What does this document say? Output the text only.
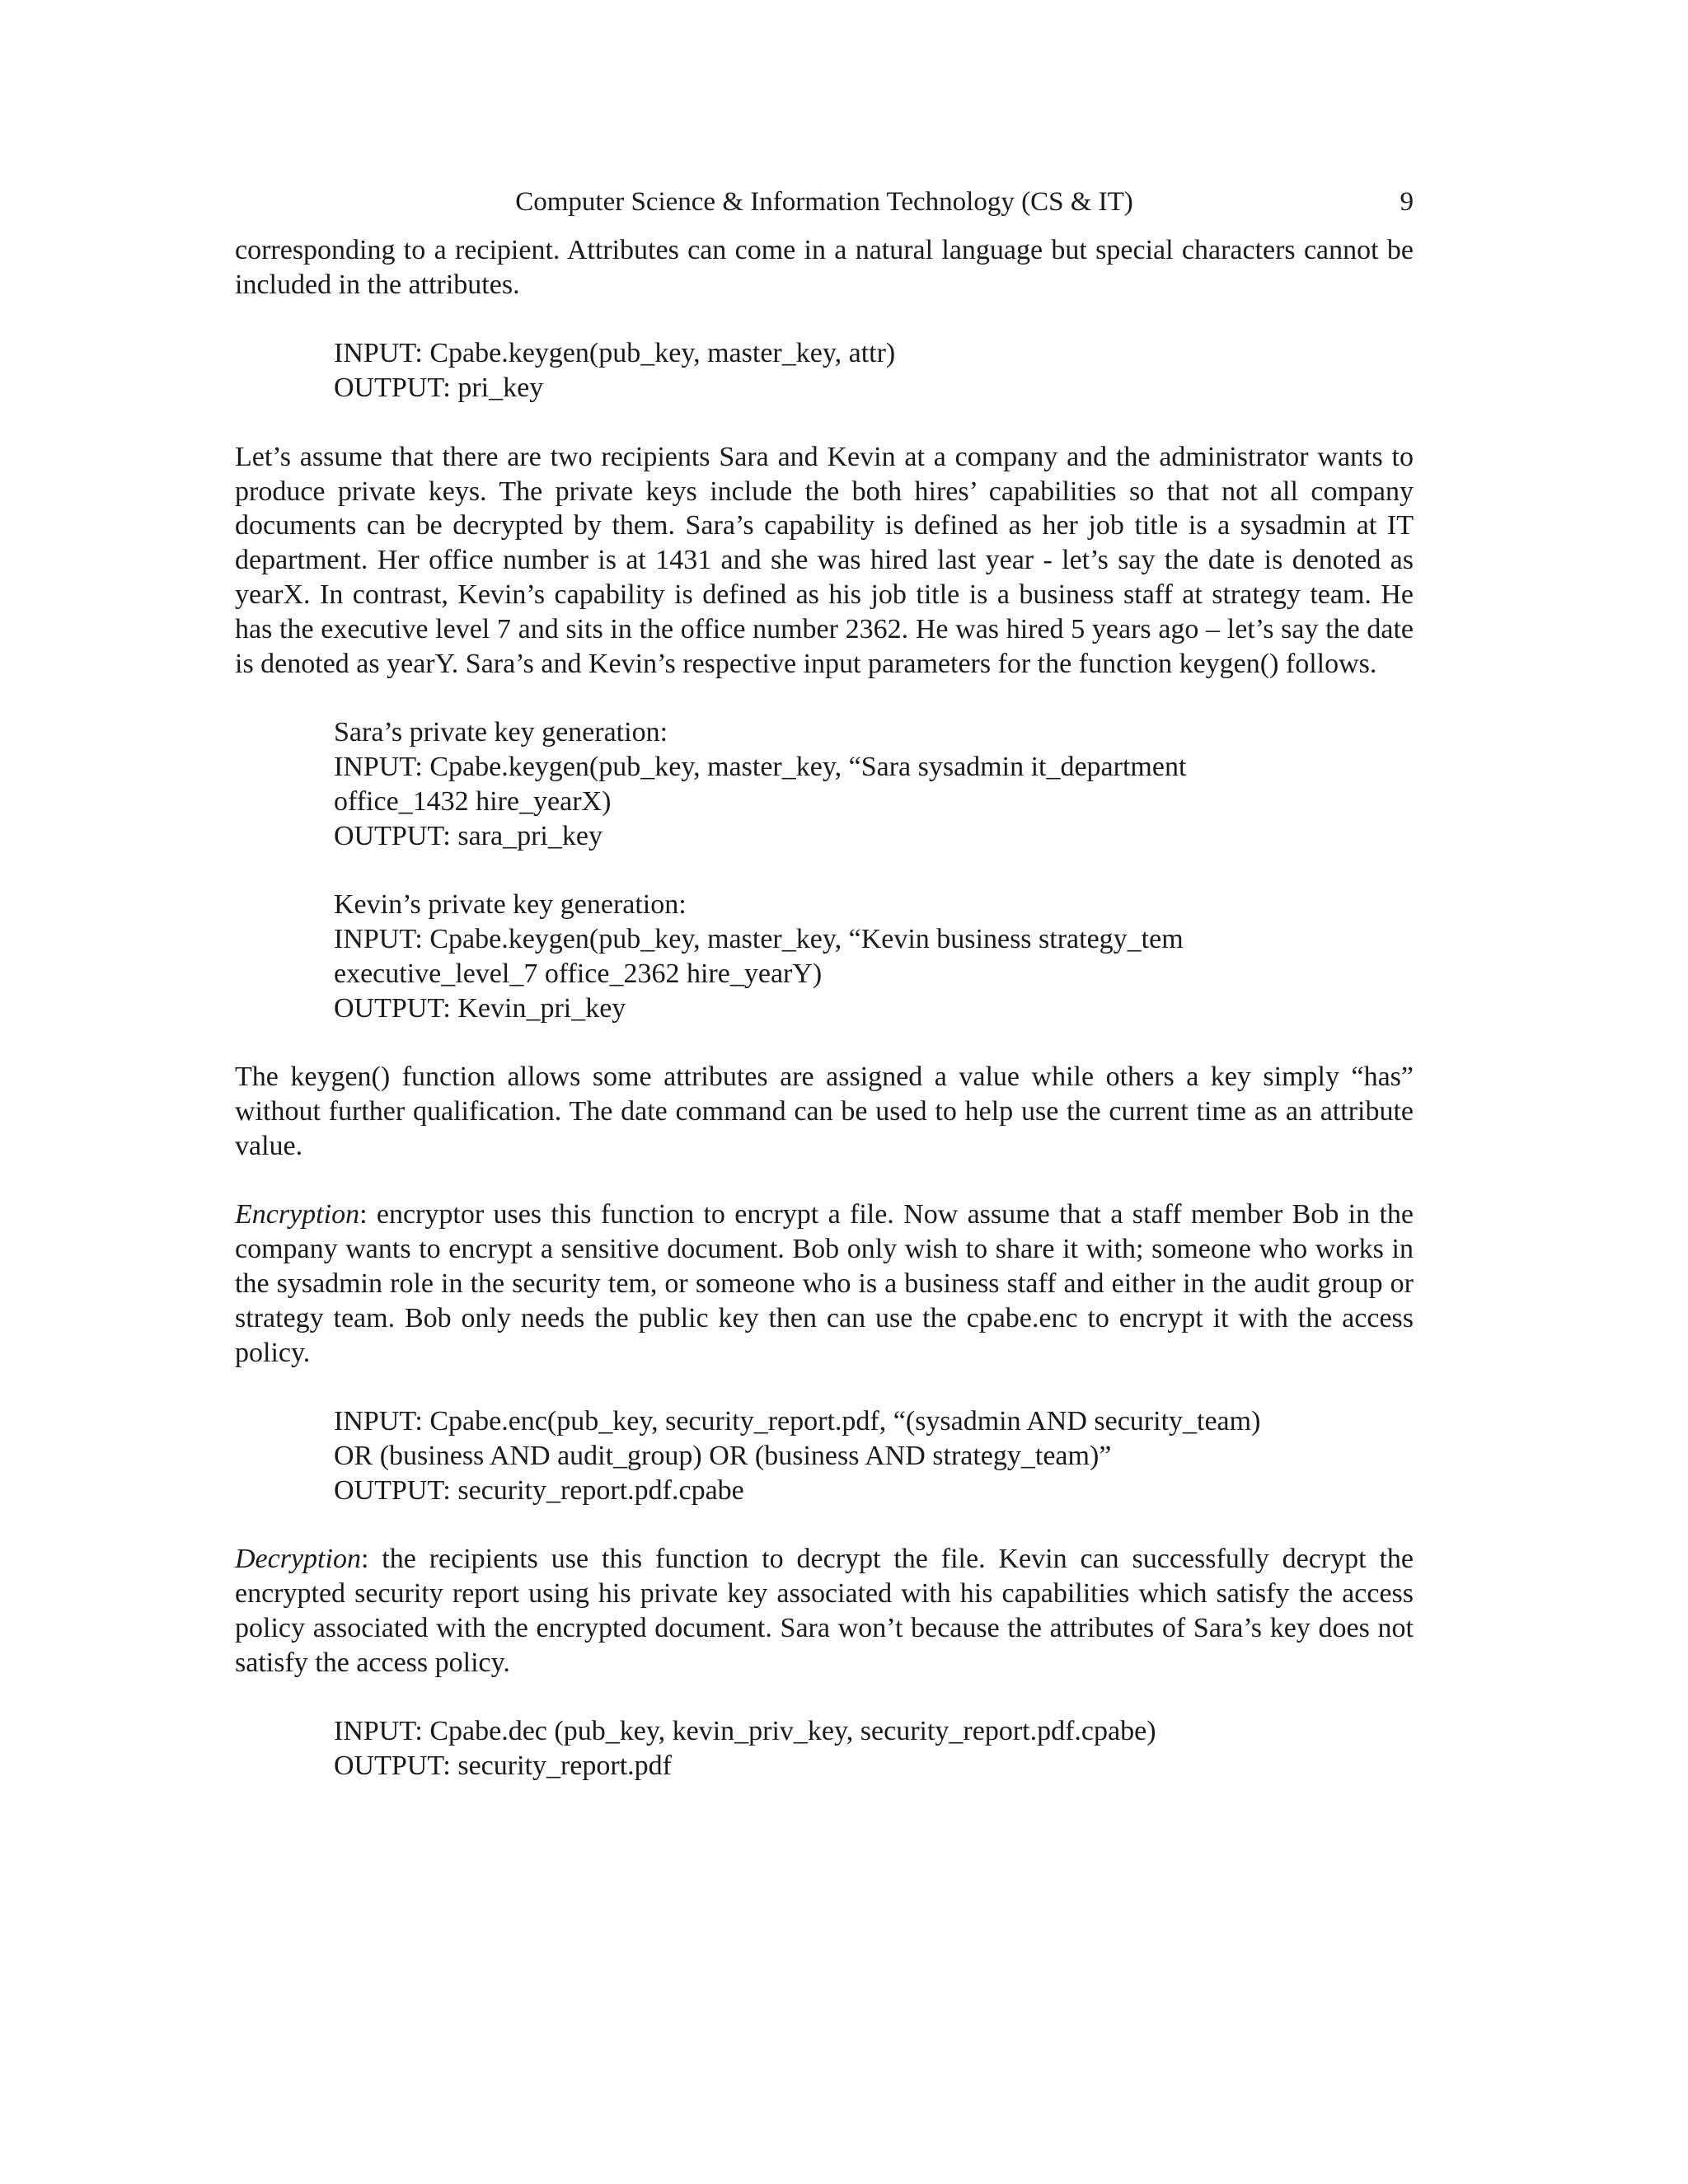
Computer Science & Information Technology (CS & IT)	9

corresponding to a recipient. Attributes can come in a natural language but special characters cannot be included in the attributes.

INPUT: Cpabe.keygen(pub_key, master_key, attr)
OUTPUT: pri_key

Let’s assume that there are two recipients Sara and Kevin at a company and the administrator wants to produce private keys. The private keys include the both hires’ capabilities so that not all company documents can be decrypted by them. Sara’s capability is defined as her job title is a sysadmin at IT department. Her office number is at 1431 and she was hired last year - let’s say the date is denoted as yearX. In contrast, Kevin’s capability is defined as his job title is a business staff at strategy team. He has the executive level 7 and sits in the office number 2362. He was hired 5 years ago – let’s say the date is denoted as yearY. Sara’s and Kevin’s respective input parameters for the function keygen() follows.

Sara’s private key generation:
INPUT: Cpabe.keygen(pub_key, master_key, “Sara sysadmin it_department
office_1432 hire_yearX)
OUTPUT: sara_pri_key
Kevin’s private key generation:
INPUT: Cpabe.keygen(pub_key, master_key, “Kevin business strategy_tem
executive_level_7 office_2362 hire_yearY)
OUTPUT: Kevin_pri_key

The keygen() function allows some attributes are assigned a value while others a key simply “has” without further qualification. The date command can be used to help use the current time as an attribute value.

Encryption: encryptor uses this function to encrypt a file. Now assume that a staff member Bob in the company wants to encrypt a sensitive document. Bob only wish to share it with; someone who works in the sysadmin role in the security tem, or someone who is a business staff and either in the audit group or strategy team. Bob only needs the public key then can use the cpabe.enc to encrypt it with the access policy.

INPUT: Cpabe.enc(pub_key, security_report.pdf, “(sysadmin AND security_team)
OR (business AND audit_group) OR (business AND strategy_team)”
OUTPUT: security_report.pdf.cpabe

Decryption: the recipients use this function to decrypt the file. Kevin can successfully decrypt the encrypted security report using his private key associated with his capabilities which satisfy the access policy associated with the encrypted document. Sara won’t because the attributes of Sara’s key does not satisfy the access policy.

INPUT: Cpabe.dec (pub_key, kevin_priv_key, security_report.pdf.cpabe)
OUTPUT: security_report.pdf
